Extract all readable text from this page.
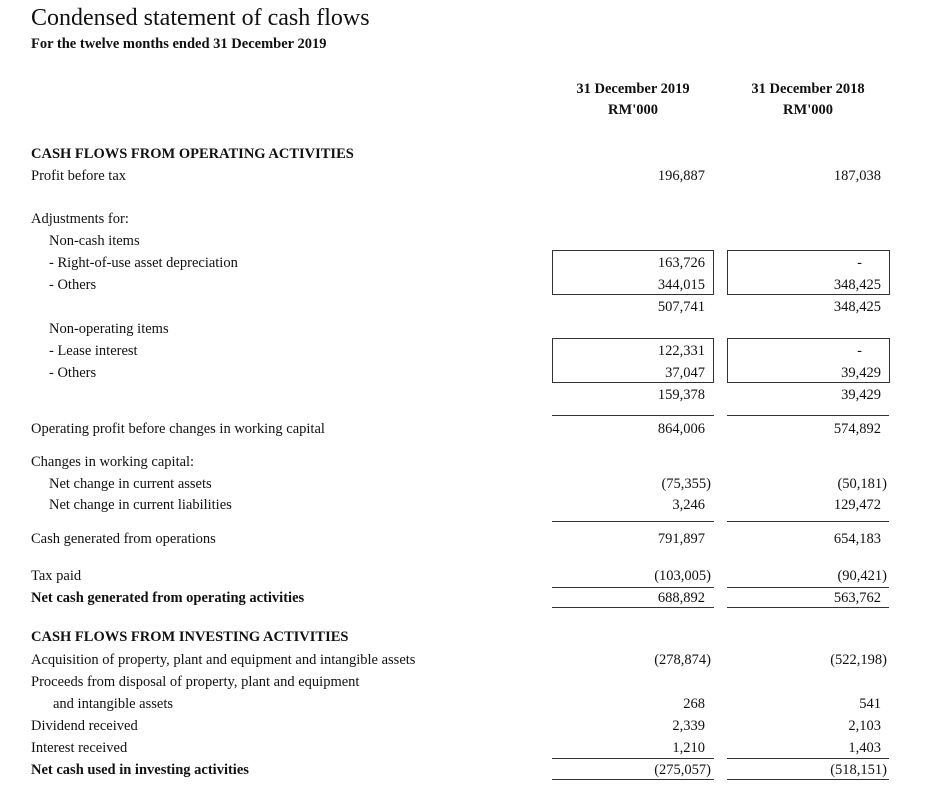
Condensed statement of cash flows
For the twelve months ended 31 December 2019
31 December 2019
RM'000
31 December 2018
RM'000
CASH FLOWS FROM OPERATING ACTIVITIES
Profit before tax	196,887	187,038
Adjustments for:
Non-cash items
- Right-of-use asset depreciation	163,726	-
- Others	344,015	348,425
507,741	348,425
Non-operating items
- Lease interest	122,331	-
- Others	37,047	39,429
159,378	39,429
Operating profit before changes in working capital	864,006	574,892
Changes in working capital:
Net change in current assets	(75,355)	(50,181)
Net change in current liabilities	3,246	129,472
Cash generated from operations	791,897	654,183
Tax paid	(103,005)	(90,421)
Net cash generated from operating activities	688,892	563,762
CASH FLOWS FROM INVESTING ACTIVITIES
Acquisition of property, plant and equipment and intangible assets	(278,874)	(522,198)
Proceeds from disposal of property, plant and equipment
and intangible assets	268	541
Dividend received	2,339	2,103
Interest received	1,210	1,403
Net cash used in investing activities	(275,057)	(518,151)
